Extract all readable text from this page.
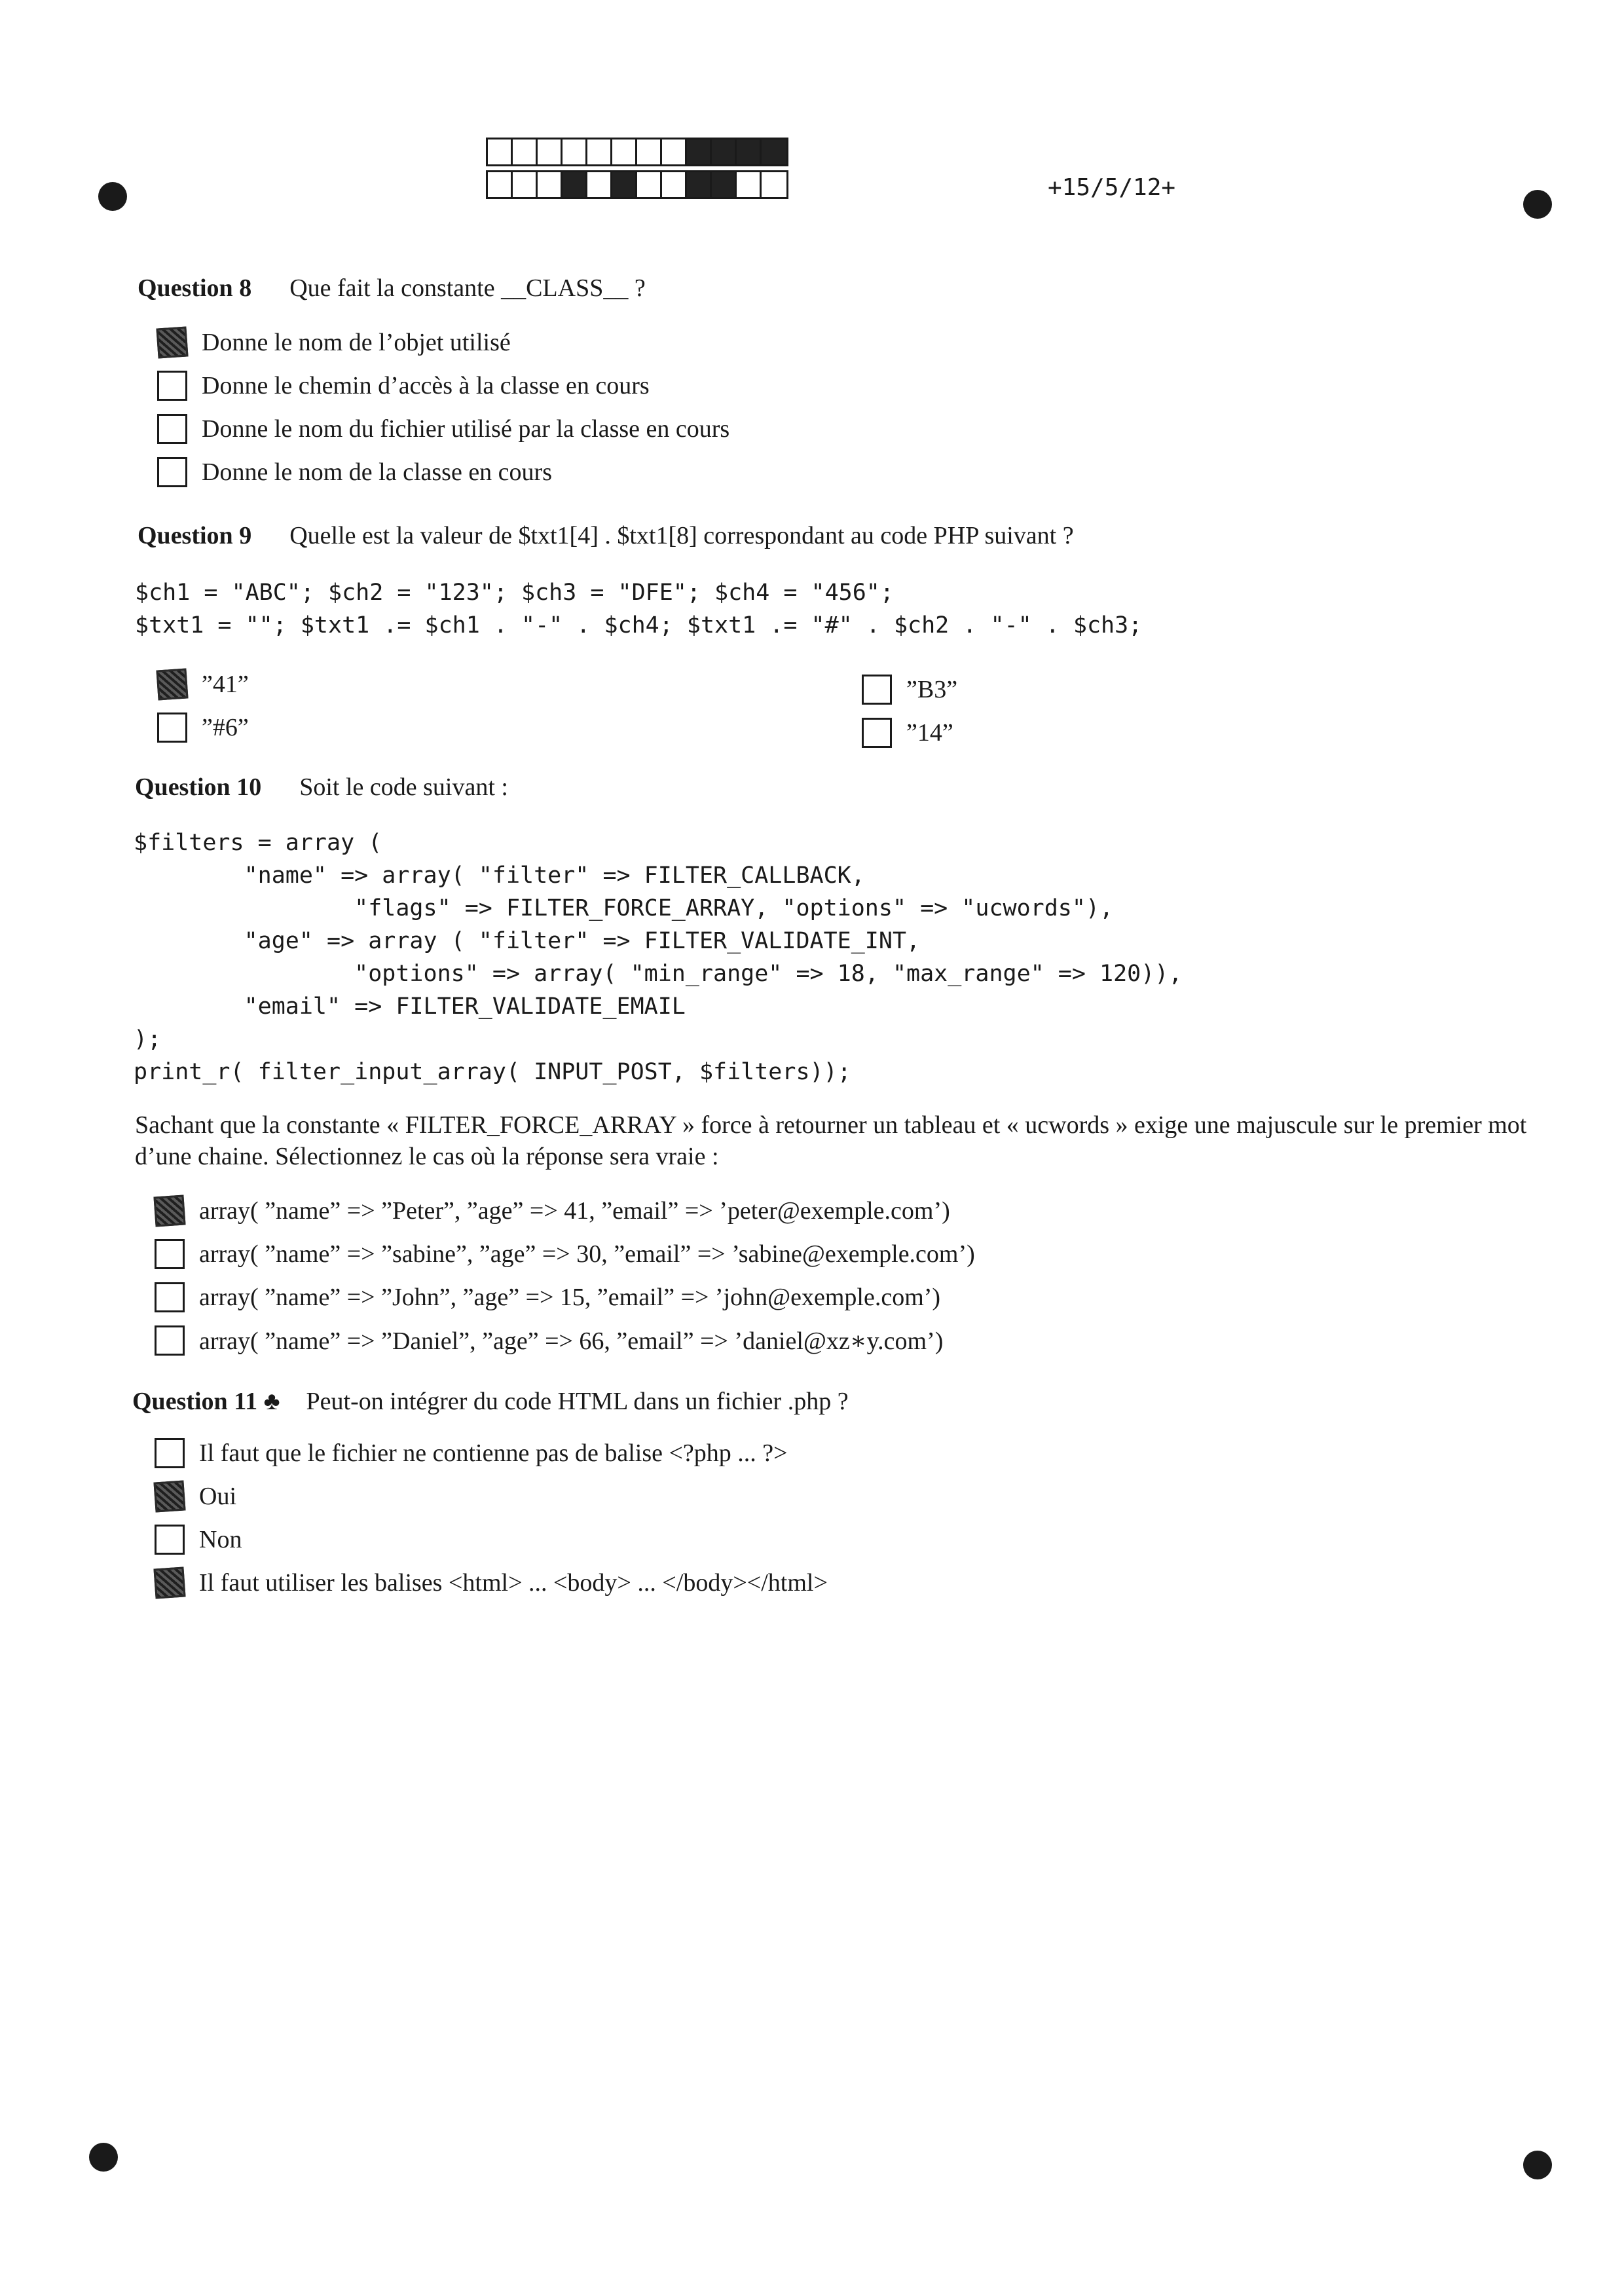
+15/5/12+
Question 8 Que fait la constante __CLASS__ ?
Donne le nom de l’objet utilisé
Donne le chemin d’accès à la classe en cours
Donne le nom du fichier utilisé par la classe en cours
Donne le nom de la classe en cours
Question 9 Quelle est la valeur de $txt1[4] . $txt1[8] correspondant au code PHP suivant ?
$ch1 = "ABC"; $ch2 = "123"; $ch3 = "DFE"; $ch4 = "456";
$txt1 = ""; $txt1 .= $ch1 . "-" . $ch4; $txt1 .= "#" . $ch2 . "-" . $ch3;
”41”
”#6”
”B3”
”14”
Question 10 Soit le code suivant :
$filters = array (
"name" => array( "filter" => FILTER_CALLBACK,
"flags" => FILTER_FORCE_ARRAY, "options" => "ucwords"),
"age" => array ( "filter" => FILTER_VALIDATE_INT,
"options" => array( "min_range" => 18, "max_range" => 120)),
"email" => FILTER_VALIDATE_EMAIL
);
print_r( filter_input_array( INPUT_POST, $filters));
Sachant que la constante « FILTER_FORCE_ARRAY » force à retourner un tableau et « ucwords » exige une majuscule sur le premier mot d’une chaine. Sélectionnez le cas où la réponse sera vraie :
array( ”name” => ”Peter”, ”age” => 41, ”email” => ’peter@exemple.com’)
array( ”name” => ”sabine”, ”age” => 30, ”email” => ’sabine@exemple.com’)
array( ”name” => ”John”, ”age” => 15, ”email” => ’john@exemple.com’)
array( ”name” => ”Daniel”, ”age” => 66, ”email” => ’daniel@xz∗y.com’)
Question 11 ♣ Peut-on intégrer du code HTML dans un fichier .php ?
Il faut que le fichier ne contienne pas de balise <?php ... ?>
Oui
Non
Il faut utiliser les balises <html> ... <body> ... </body></html>
